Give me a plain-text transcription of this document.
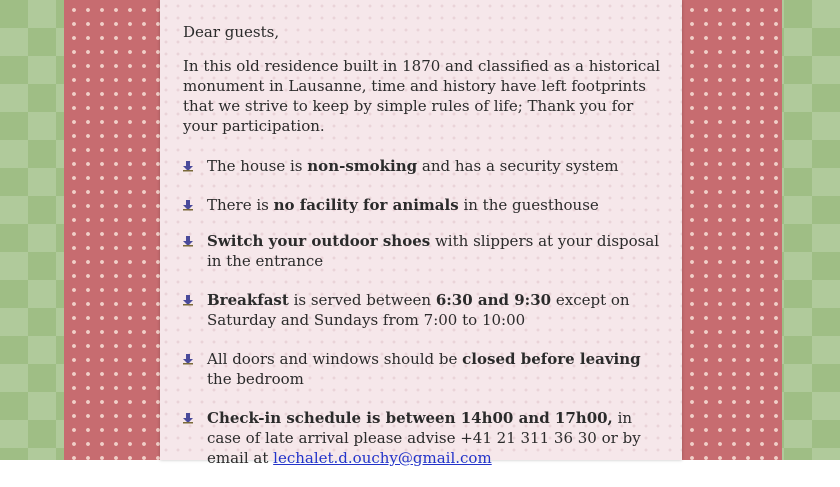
Dear guests,

In this old residence built in 1870 and classified as a historical monument in Lausanne, time and history have left footprints that we strive to keep by simple rules of life; Thank you for your participation.

The house is non-smoking and has a security system
There is no facility for animals in the guesthouse
Switch your outdoor shoes with slippers at your disposal in the entrance
Breakfast is served between 6:30 and 9:30 except on Saturday and Sundays from 7:00 to 10:00
All doors and windows should be closed before leaving the bedroom
Check-in schedule is between 14h00 and 17h00, in case of late arrival please advise +41 21 311 36 30 or by email at lechalet.d.ouchy@gmail.com
